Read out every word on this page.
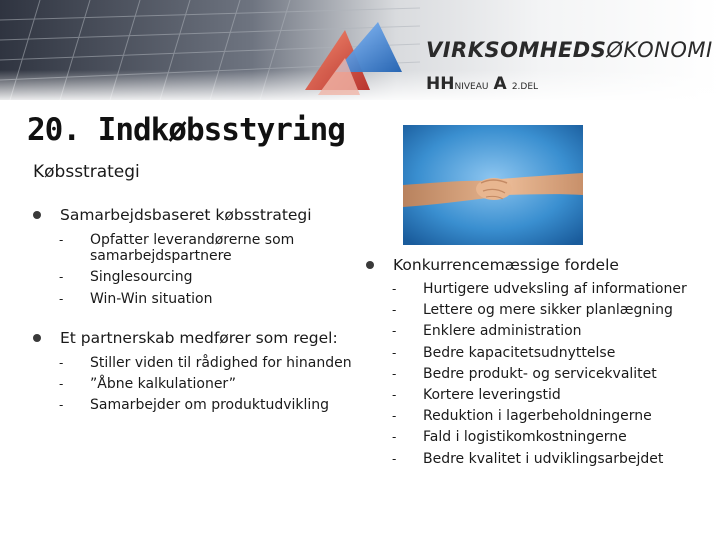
VIRKSOMHEDSØKONOMI
HHNIVEAU A 2.DEL
20. Indkøbsstyring
Købsstrategi
Samarbejdsbaseret købsstrategi
- Opfatter leverandørerne som samarbejdspartnere
- Singlesourcing
- Win-Win situation
Et partnerskab medfører som regel:
- Stiller viden til rådighed for hinanden
- ”Åbne kalkulationer”
- Samarbejder om produktudvikling
Konkurrencemæssige fordele
- Hurtigere udveksling af informationer
- Lettere og mere sikker planlægning
- Enklere administration
- Bedre kapacitetsudnyttelse
- Bedre produkt- og servicekvalitet
- Kortere leveringstid
- Reduktion i lagerbeholdningerne
- Fald i logistikomkostningerne
- Bedre kvalitet i udviklingsarbejdet
